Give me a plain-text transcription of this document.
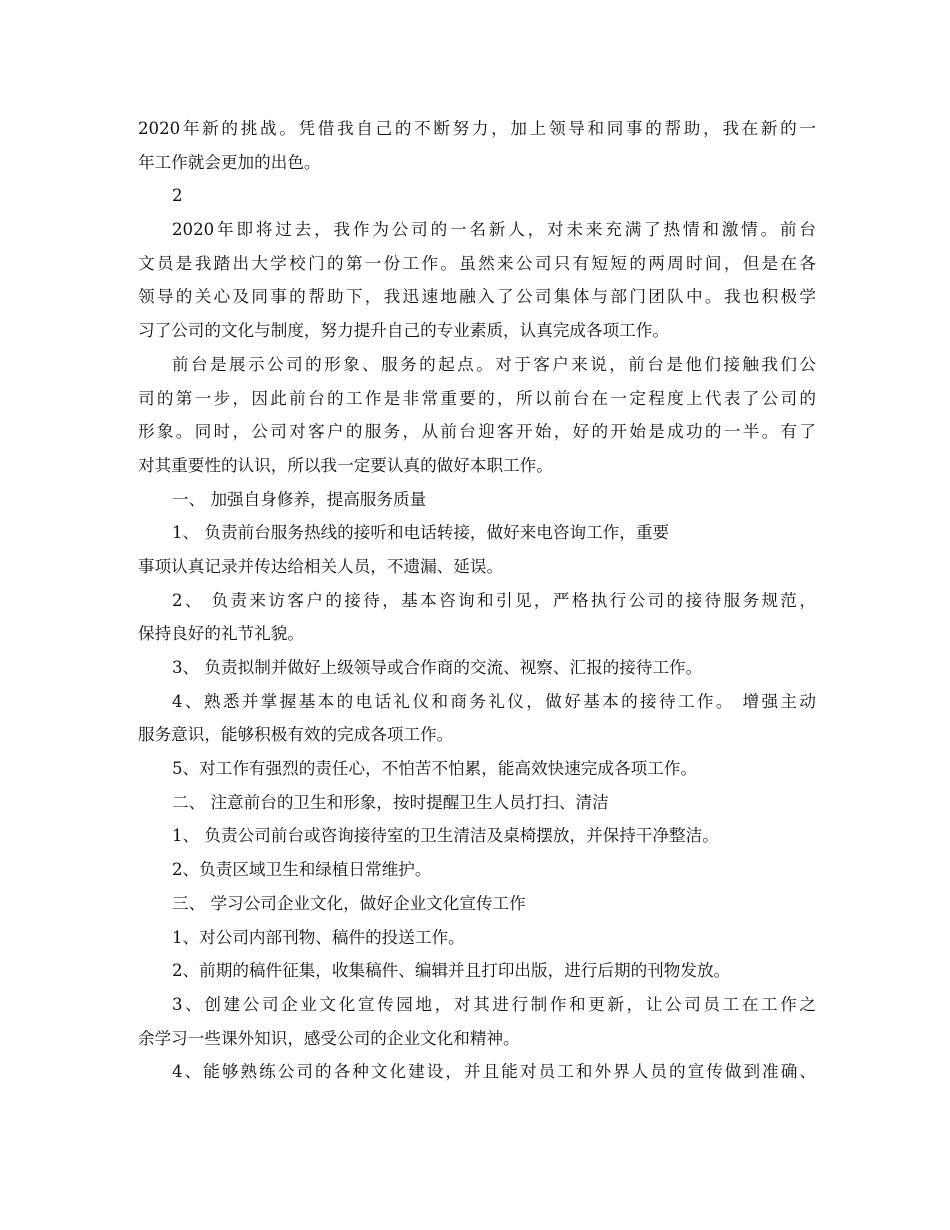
2020年新的挑战。凭借我自己的不断努力，加上领导和同事的帮助，我在新的一
年工作就会更加的出色。
2
2020年即将过去，我作为公司的一名新人，对未来充满了热情和激情。前台
文员是我踏出大学校门的第一份工作。虽然来公司只有短短的两周时间，但是在各
领导的关心及同事的帮助下，我迅速地融入了公司集体与部门团队中。我也积极学
习了公司的文化与制度，努力提升自己的专业素质，认真完成各项工作。
前台是展示公司的形象、服务的起点。对于客户来说，前台是他们接触我们公
司的第一步，因此前台的工作是非常重要的，所以前台在一定程度上代表了公司的
形象。同时，公司对客户的服务，从前台迎客开始，好的开始是成功的一半。有了
对其重要性的认识，所以我一定要认真的做好本职工作。
一、 加强自身修养，提高服务质量
1、 负责前台服务热线的接听和电话转接，做好来电咨询工作，重要
事项认真记录并传达给相关人员，不遗漏、延误。
2、 负责来访客户的接待，基本咨询和引见，严格执行公司的接待服务规范，
保持良好的礼节礼貌。
3、 负责拟制并做好上级领导或合作商的交流、视察、汇报的接待工作。
4、熟悉并掌握基本的电话礼仪和商务礼仪，做好基本的接待工作。 增强主动
服务意识，能够积极有效的完成各项工作。
5、对工作有强烈的责任心，不怕苦不怕累，能高效快速完成各项工作。
二、 注意前台的卫生和形象，按时提醒卫生人员打扫、清洁
1、 负责公司前台或咨询接待室的卫生清洁及桌椅摆放，并保持干净整洁。
2、负责区域卫生和绿植日常维护。
三、 学习公司企业文化，做好企业文化宣传工作
1、对公司内部刊物、稿件的投送工作。
2、前期的稿件征集，收集稿件、编辑并且打印出版，进行后期的刊物发放。
3、创建公司企业文化宣传园地，对其进行制作和更新，让公司员工在工作之
余学习一些课外知识，感受公司的企业文化和精神。
4、能够熟练公司的各种文化建设，并且能对员工和外界人员的宣传做到准确、
